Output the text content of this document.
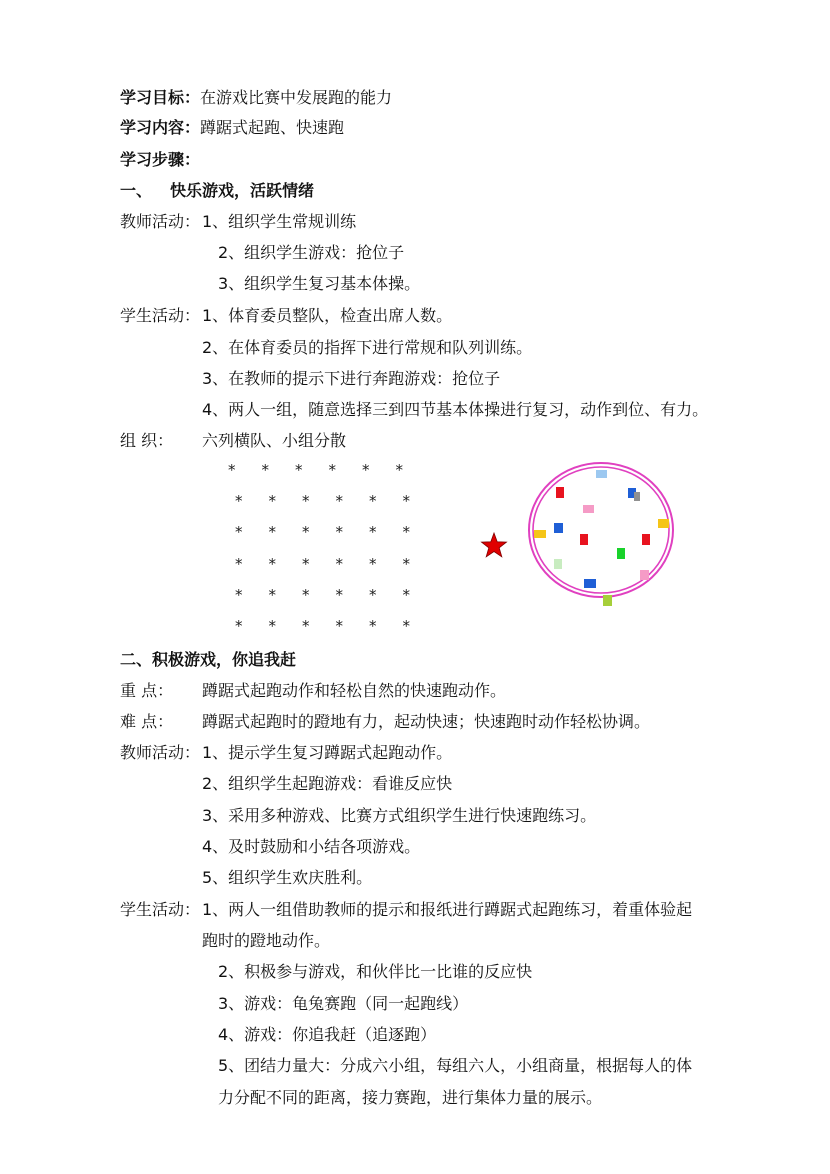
学习目标：在游戏比赛中发展跑的能力
学习内容：蹲踞式起跑、快速跑
学习步骤：
一、 快乐游戏，活跃情绪
教师活动： 1、组织学生常规训练
2、组织学生游戏：抢位子
3、组织学生复习基本体操。
学生活动： 1、体育委员整队，检查出席人数。
2、在体育委员的指挥下进行常规和队列训练。
3、在教师的提示下进行奔跑游戏：抢位子
4、两人一组，随意选择三到四节基本体操进行复习，动作到位、有力。
组 织： 六列横队、小组分散
* * * * * *
* * * * * *
* * * * * *
* * * * * *
* * * * * *
* * * * * *
二、积极游戏，你追我赶
重 点： 蹲踞式起跑动作和轻松自然的快速跑动作。
难 点： 蹲踞式起跑时的蹬地有力，起动快速；快速跑时动作轻松协调。
教师活动： 1、提示学生复习蹲踞式起跑动作。
2、组织学生起跑游戏：看谁反应快
3、采用多种游戏、比赛方式组织学生进行快速跑练习。
4、及时鼓励和小结各项游戏。
5、组织学生欢庆胜利。
学生活动： 1、两人一组借助教师的提示和报纸进行蹲踞式起跑练习，着重体验起
跑时的蹬地动作。
2、积极参与游戏，和伙伴比一比谁的反应快
3、游戏：龟兔赛跑（同一起跑线）
4、游戏：你追我赶（追逐跑）
5、团结力量大：分成六小组，每组六人，小组商量，根据每人的体
力分配不同的距离，接力赛跑，进行集体力量的展示。
